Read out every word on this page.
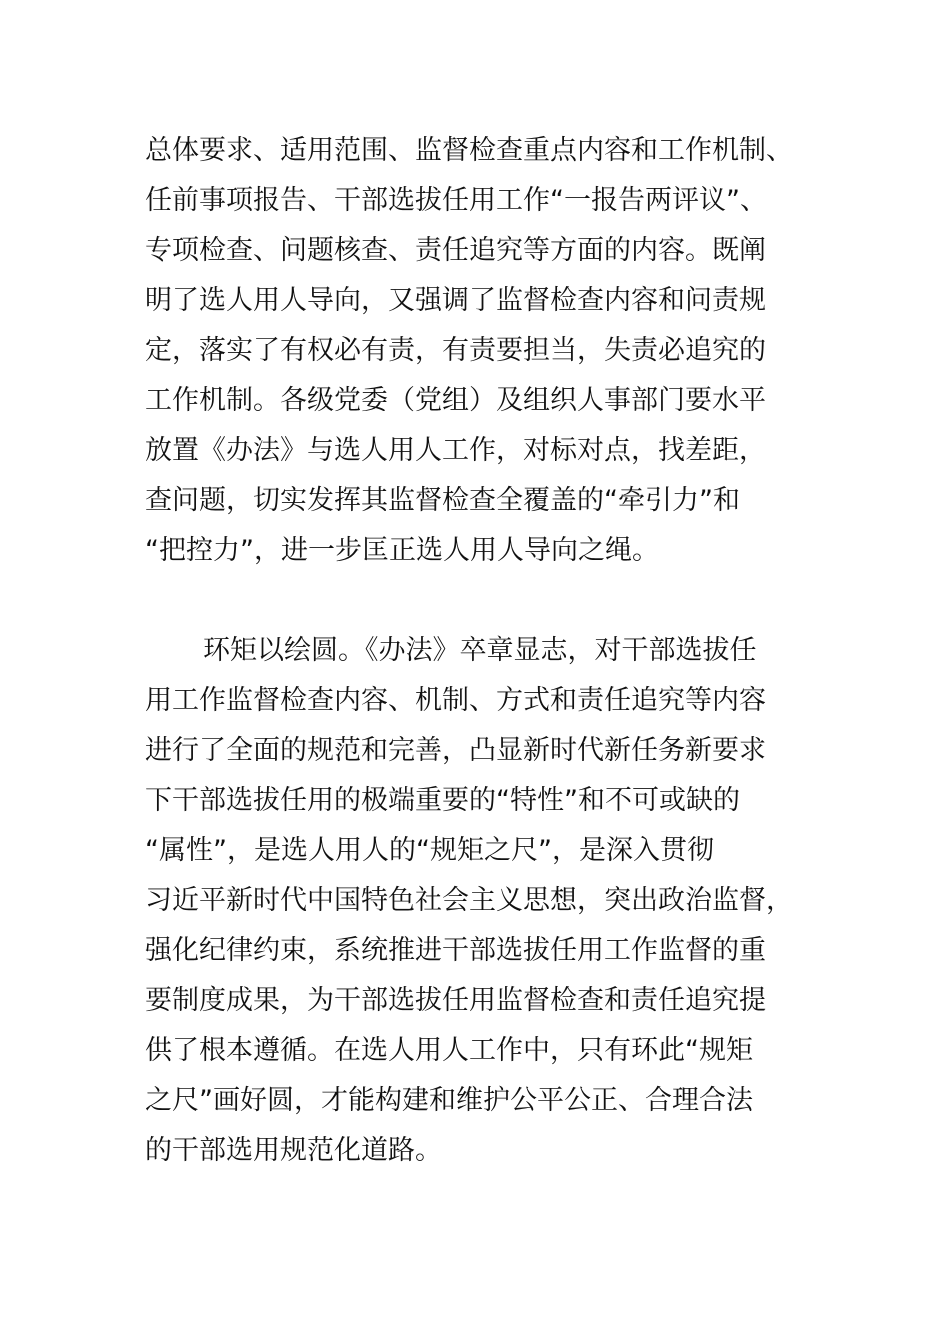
总体要求、适用范围、监督检查重点内容和工作机制、
任前事项报告、干部选拔任用工作“一报告两评议”、
专项检查、问题核查、责任追究等方面的内容。既阐
明了选人用人导向，又强调了监督检查内容和问责规
定，落实了有权必有责，有责要担当，失责必追究的
工作机制。各级党委（党组）及组织人事部门要水平
放置《办法》与选人用人工作，对标对点，找差距，
查问题，切实发挥其监督检查全覆盖的“牵引力”和
“把控力”，进一步匡正选人用人导向之绳。

环矩以绘圆。《办法》卒章显志，对干部选拔任
用工作监督检查内容、机制、方式和责任追究等内容
进行了全面的规范和完善，凸显新时代新任务新要求
下干部选拔任用的极端重要的“特性”和不可或缺的
“属性”，是选人用人的“规矩之尺”，是深入贯彻
习近平新时代中国特色社会主义思想，突出政治监督，
强化纪律约束，系统推进干部选拔任用工作监督的重
要制度成果，为干部选拔任用监督检查和责任追究提
供了根本遵循。在选人用人工作中，只有环此“规矩
之尺”画好圆，才能构建和维护公平公正、合理合法
的干部选用规范化道路。
